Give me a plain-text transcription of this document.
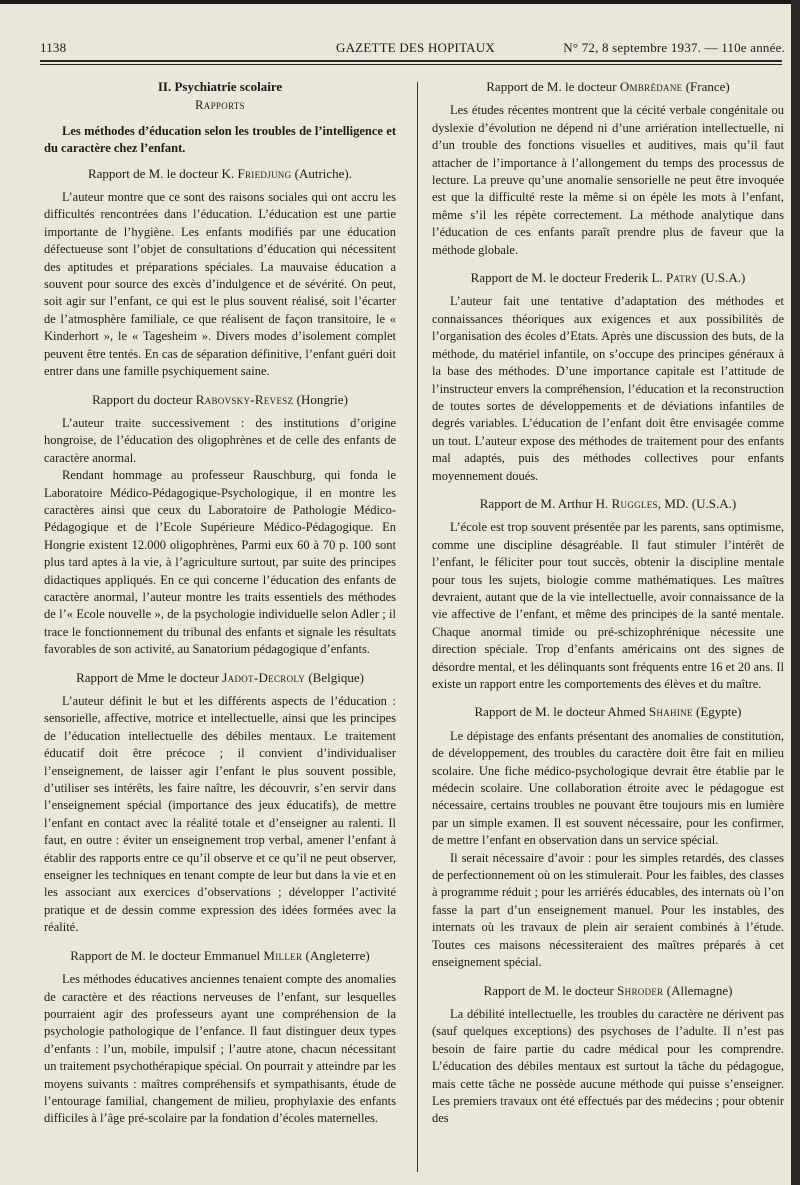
1138	GAZETTE DES HOPITAUX	N° 72, 8 septembre 1937. — 110e année.
II. Psychiatrie scolaire
Rapports

Les méthodes d’éducation selon les troubles de l’intelligence et du caractère chez l’enfant.

Rapport de M. le docteur K. Friedjung (Autriche).

L’auteur montre que ce sont des raisons sociales qui ont accru les difficultés rencontrées dans l’éducation. L’éducation est une partie importante de l’hygiène. Les enfants modifiés par une éducation défectueuse sont l’objet de consultations d’éducation qui nécessitent des aptitudes et préparations spéciales. La mauvaise éducation a souvent pour source des excès d’indulgence et de sévérité. On peut, soit agir sur l’enfant, ce qui est le plus souvent réalisé, soit l’écarter de l’atmosphère familiale, ce que réalisent de façon transitoire, le « Kinderhort », le « Tagesheim ». Divers modes d’isolement complet peuvent être tentés. En cas de séparation définitive, l’enfant guéri doit entrer dans une famille psychiquement saine.

Rapport du docteur Rabovsky-Revesz (Hongrie)

L’auteur traite successivement : des institutions d’origine hongroise, de l’éducation des oligophrènes et de celle des enfants de caractère anormal.

Rendant hommage au professeur Rauschburg, qui fonda le Laboratoire Médico-Pédagogique-Psychologique, il en montre les caractères ainsi que ceux du Laboratoire de Pathologie Médico-Pédagogique et de l’Ecole Supérieure Médico-Pédagogique. En Hongrie existent 12.000 oligophrènes, Parmi eux 60 à 70 p. 100 sont plus tard aptes à la vie, à l’agriculture surtout, par suite des principes didactiques appliqués. En ce qui concerne l’éducation des enfants de caractère anormal, l’auteur montre les traits essentiels des méthodes de l’« Ecole nouvelle », de la psychologie individuelle selon Adler ; il trace le fonctionnement du tribunal des enfants et signale les résultats favorables de son activité, au Sanatorium pédagogique d’enfants.

Rapport de Mme le docteur Jadot-Decroly (Belgique)

L’auteur définit le but et les différents aspects de l’éducation : sensorielle, affective, motrice et intellectuelle, ainsi que les principes de l’éducation intellectuelle des débiles mentaux. Le traitement éducatif doit être précoce ; il convient d’individualiser l’enseignement, de laisser agir l’enfant le plus souvent possible, d’utiliser ses intérêts, les faire naître, les découvrir, s’en servir dans l’enseignement spécial (importance des jeux éducatifs), de mettre l’enfant en contact avec la réalité totale et d’enseigner au ralenti. Il faut, en outre : éviter un enseignement trop verbal, amener l’enfant à établir des rapports entre ce qu’il observe et ce qu’il ne peut observer, enseigner les techniques en tenant compte de leur but dans la vie et en les associant aux exercices d’observations ; développer l’activité pratique et de dessin comme expression des idées formées avec la réalité.

Rapport de M. le docteur Emmanuel Miller (Angleterre)

Les méthodes éducatives anciennes tenaient compte des anomalies de caractère et des réactions nerveuses de l’enfant, sur lesquelles pourraient agir des professeurs ayant une compréhension de la psychologie pathologique de l’enfance. Il faut distinguer deux types d’enfants : l’un, mobile, impulsif ; l’autre atone, chacun nécessitant un traitement psychothérapique spécial. On pourrait y atteindre par les moyens suivants : maîtres compréhensifs et sympathisants, étude de l’entourage familial, changement de milieu, prophylaxie des enfants difficiles à l’âge pré-scolaire par la fondation d’écoles maternelles.

Rapport de M. le docteur Ombrédane (France)

Les études récentes montrent que la cécité verbale congénitale ou dyslexie d’évolution ne dépend ni d’une arriération intellectuelle, ni d’un trouble des fonctions visuelles et auditives, mais qu’il faut attacher de l’importance à l’allongement du temps des processus de lecture. La preuve qu’une anomalie sensorielle ne peut être invoquée est que la difficulté reste la même si on épèle les mots à l’enfant, même s’il les répète correctement. La méthode analytique dans l’éducation de ces enfants paraît prendre plus de faveur que la méthode globale.

Rapport de M. le docteur Frederik L. Patry (U.S.A.)

L’auteur fait une tentative d’adaptation des méthodes et connaissances théoriques aux exigences et aux possibilités de l’organisation des écoles d’Etats. Après une discussion des buts, de la méthode, du matériel infantile, on s’occupe des principes généraux à la base des méthodes. D’une importance capitale est l’attitude de l’instructeur envers la compréhension, l’éducation et la reconstruction de toutes sortes de développements et de déviations infantiles de degrés variables. L’éducation de l’enfant doit être envisagée comme un tout. L’auteur expose des méthodes de traitement pour des enfants mal adaptés, puis des méthodes collectives pour enfants moyennement doués.

Rapport de M. Arthur H. Ruggles, MD. (U.S.A.)

L’école est trop souvent présentée par les parents, sans optimisme, comme une discipline désagréable. Il faut stimuler l’intérêt de l’enfant, le féliciter pour tout succès, obtenir la discipline mentale pour tous les sujets, biologie comme mathématiques. Les maîtres devraient, autant que de la vie intellectuelle, avoir connaissance de la vie affective de l’enfant, et même des principes de la santé mentale. Chaque anormal timide ou pré-schizophrénique nécessite une direction spéciale. Trop d’enfants américains ont des signes de désordre mental, et les délinquants sont fréquents entre 16 et 20 ans. Il existe un rapport entre les comportements des élèves et du maître.

Rapport de M. le docteur Ahmed Shahine (Egypte)

Le dépistage des enfants présentant des anomalies de constitution, de développement, des troubles du caractère doit être fait en milieu scolaire. Une fiche médico-psychologique devrait être établie par le médecin scolaire. Une collaboration étroite avec le pédagogue est nécessaire, certains troubles ne pouvant être toujours mis en lumière par un simple examen. Il est souvent nécessaire, pour les confirmer, de mettre l’enfant en observation dans un service spécial.

Il serait nécessaire d’avoir : pour les simples retardés, des classes de perfectionnement où on les stimulerait. Pour les faibles, des classes à programme réduit ; pour les arriérés éducables, des internats où l’on fasse la part d’un enseignement manuel. Pour les instables, des internats où les travaux de plein air seraient combinés à l’étude. Toutes ces maisons nécessiteraient des maîtres préparés à cet enseignement spécial.

Rapport de M. le docteur Shroder (Allemagne)

La débilité intellectuelle, les troubles du caractère ne dérivent pas (sauf quelques exceptions) des psychoses de l’adulte. Il n’est pas besoin de faire partie du cadre médical pour les comprendre. L’éducation des débiles mentaux est surtout la tâche du pédagogue, mais cette tâche ne possède aucune méthode qui puisse s’enseigner. Les premiers travaux ont été effectués par des médecins ; pour obtenir des
